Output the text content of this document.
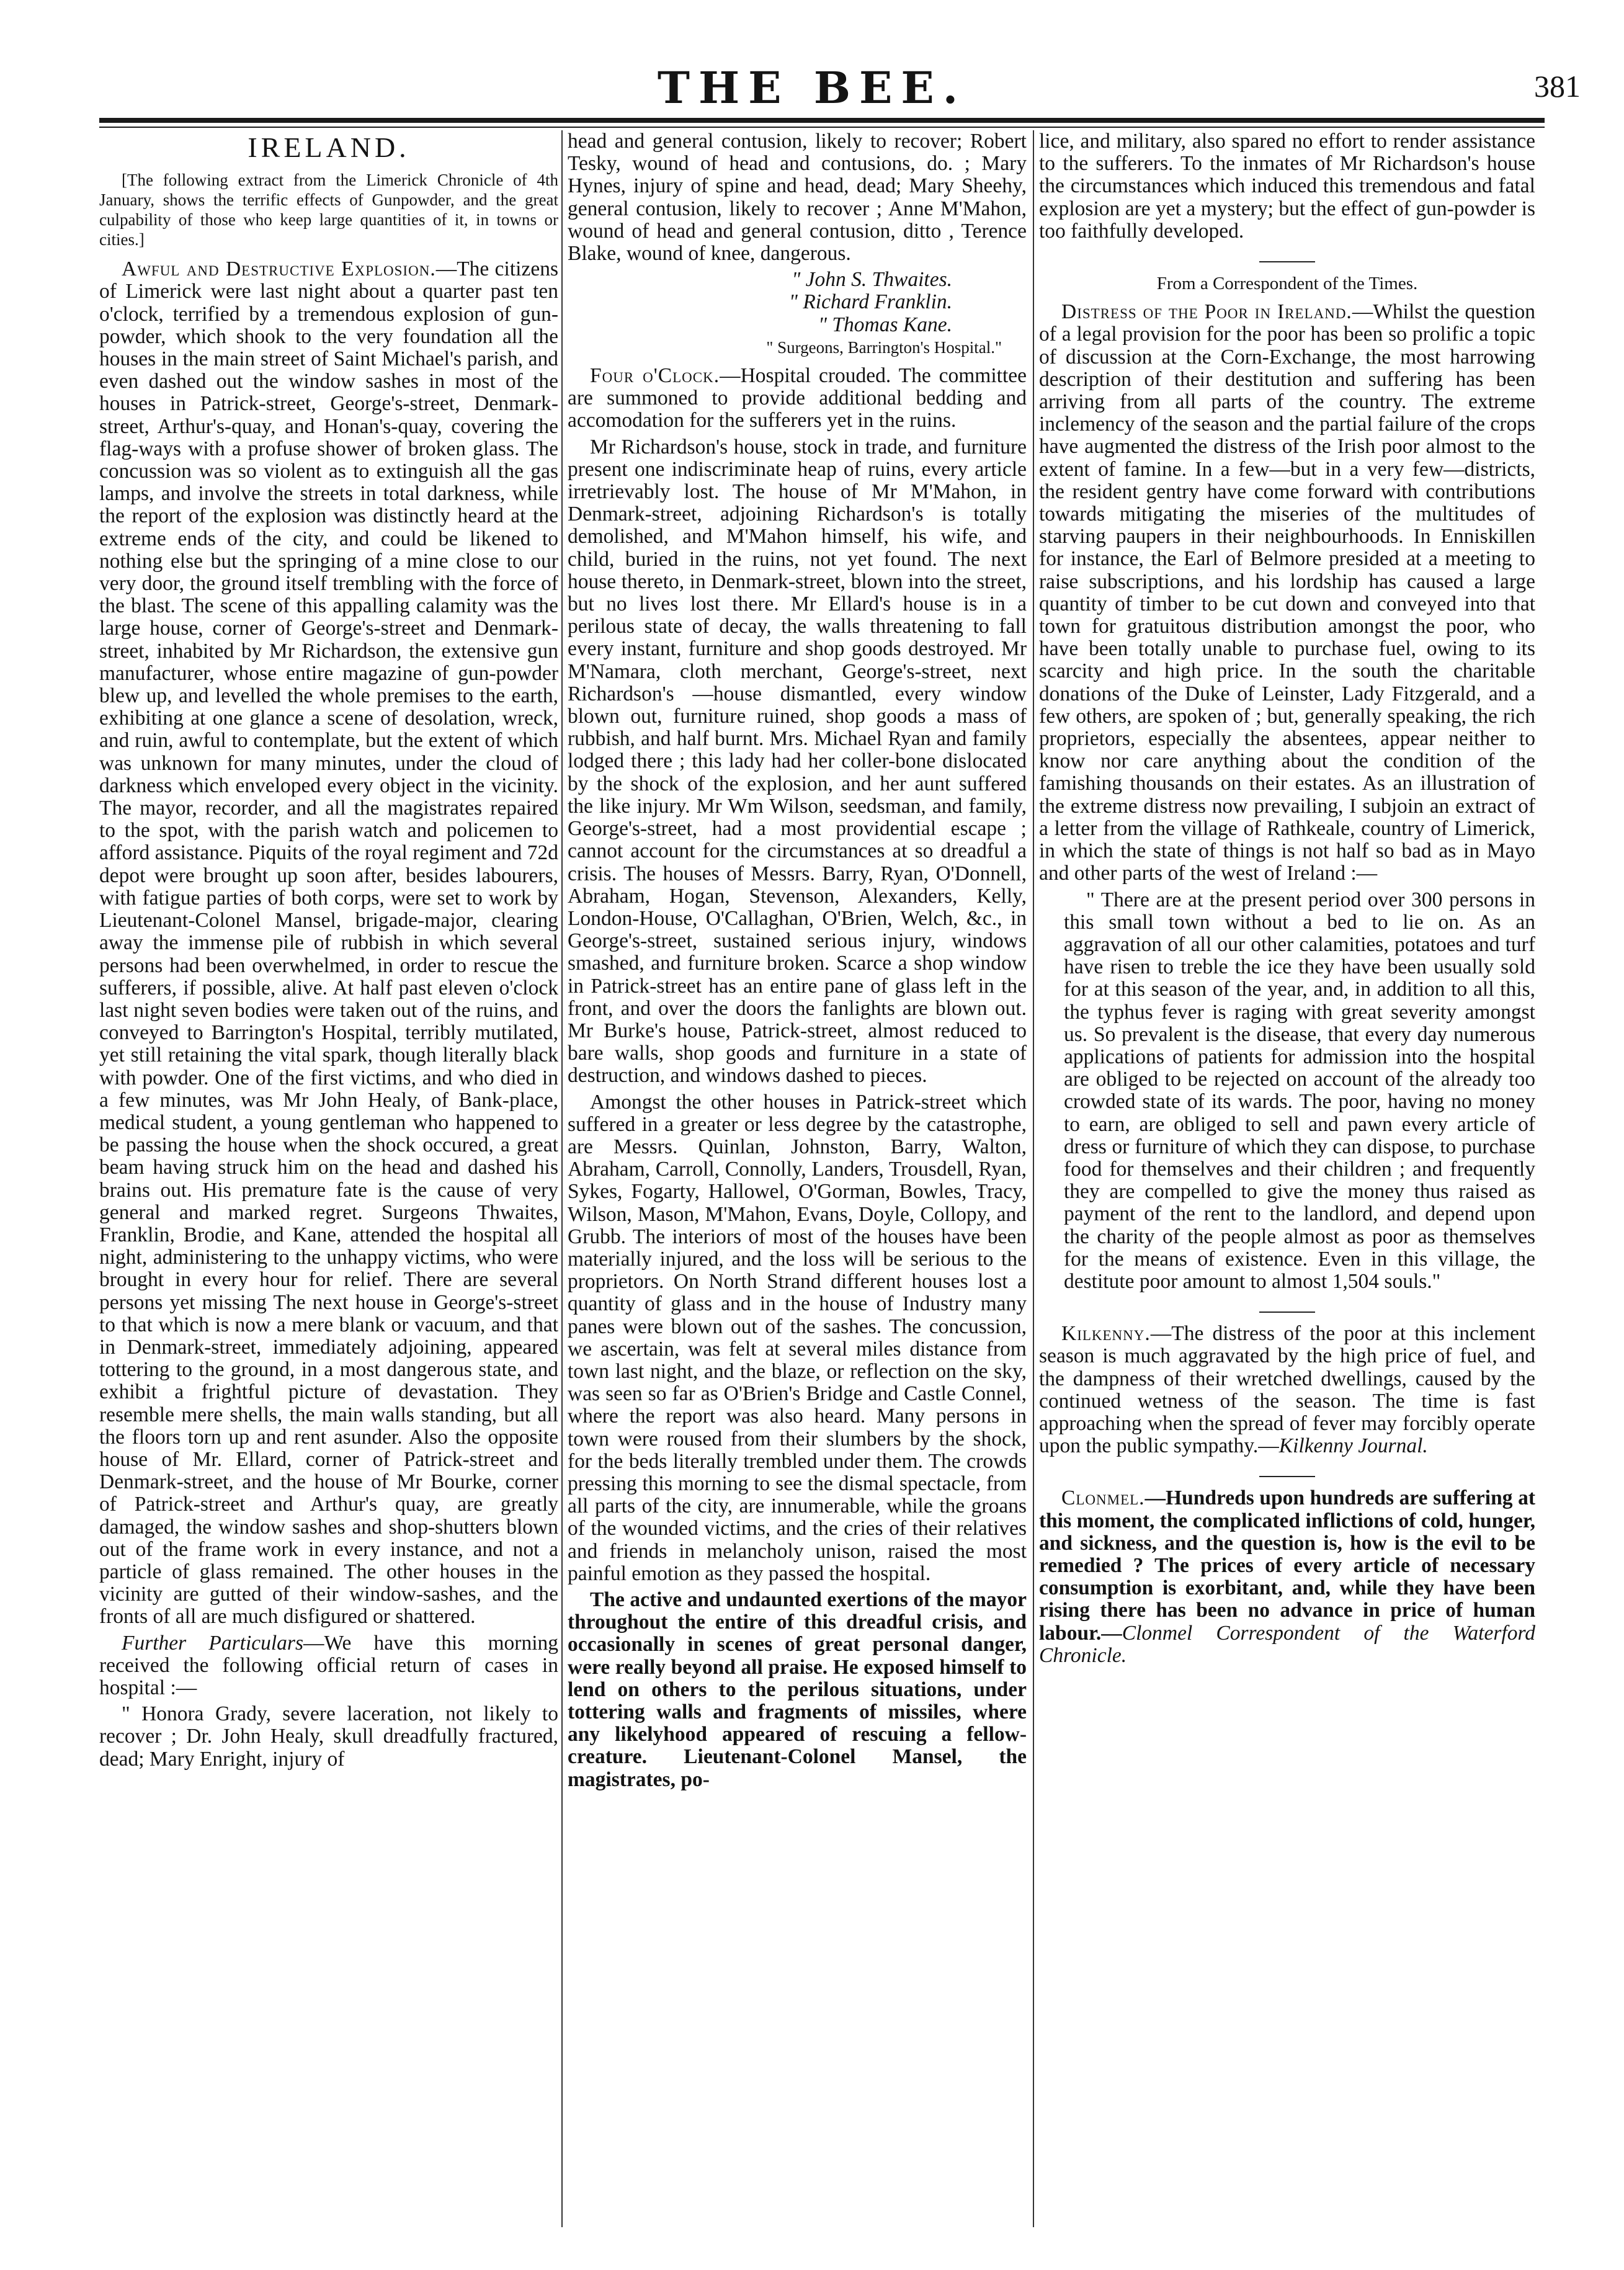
THE BEE.	381
IRELAND.

[The following extract from the Limerick Chronicle of 4th January, shows the terrific effects of Gunpowder, and the great culpability of those who keep large quantities of it, in towns or cities.]

Awful and Destructive Explosion.—The citizens of Limerick were last night about a quarter past ten o'clock, terrified by a tremendous explosion of gun-powder, which shook to the very foundation all the houses in the main street of Saint Michael's parish, and even dashed out the window sashes in most of the houses in Patrick-street, George's-street, Denmark-street, Arthur's-quay, and Honan's-quay, covering the flag-ways with a profuse shower of broken glass. The concussion was so violent as to extinguish all the gas lamps, and involve the streets in total darkness, while the report of the explosion was distinctly heard at the extreme ends of the city, and could be likened to nothing else but the springing of a mine close to our very door, the ground itself trembling with the force of the blast. The scene of this appalling calamity was the large house, corner of George's-street and Denmark-street, inhabited by Mr Richardson, the extensive gun manufacturer, whose entire magazine of gun-powder blew up, and levelled the whole premises to the earth, exhibiting at one glance a scene of desolation, wreck, and ruin, awful to contemplate, but the extent of which was unknown for many minutes, under the cloud of darkness which enveloped every object in the vicinity. The mayor, recorder, and all the magistrates repaired to the spot, with the parish watch and policemen to afford assistance. Piquits of the royal regiment and 72d depot were brought up soon after, besides labourers, with fatigue parties of both corps, were set to work by Lieutenant-Colonel Mansel, brigade-major, clearing away the immense pile of rubbish in which several persons had been overwhelmed, in order to rescue the sufferers, if possible, alive. At half past eleven o'clock last night seven bodies were taken out of the ruins, and conveyed to Barrington's Hospital, terribly mutilated, yet still retaining the vital spark, though literally black with powder. One of the first victims, and who died in a few minutes, was Mr John Healy, of Bank-place, medical student, a young gentleman who happened to be passing the house when the shock occured, a great beam having struck him on the head and dashed his brains out. His premature fate is the cause of very general and marked regret. Surgeons Thwaites, Franklin, Brodie, and Kane, attended the hospital all night, administering to the unhappy victims, who were brought in every hour for relief. There are several persons yet missing The next house in George's-street to that which is now a mere blank or vacuum, and that in Denmark-street, immediately adjoining, appeared tottering to the ground, in a most dangerous state, and exhibit a frightful picture of devastation. They resemble mere shells, the main walls standing, but all the floors torn up and rent asunder. Also the opposite house of Mr. Ellard, corner of Patrick-street and Denmark-street, and the house of Mr Bourke, corner of Patrick-street and Arthur's quay, are greatly damaged, the window sashes and shop-shutters blown out of the frame work in every instance, and not a particle of glass remained. The other houses in the vicinity are gutted of their window-sashes, and the fronts of all are much disfigured or shattered.

Further Particulars—We have this morning received the following official return of cases in hospital :—

" Honora Grady, severe laceration, not likely to recover ; Dr. John Healy, skull dreadfully fractured, dead; Mary Enright, injury of

head and general contusion, likely to recover; Robert Tesky, wound of head and contusions, do. ; Mary Hynes, injury of spine and head, dead; Mary Sheehy, general contusion, likely to recover ; Anne M'Mahon, wound of head and general contusion, ditto , Terence Blake, wound of knee, dangerous.

" John S. Thwaites.

" Richard Franklin.

" Thomas Kane.

" Surgeons, Barrington's Hospital."

Four o'Clock.—Hospital crouded. The committee are summoned to provide additional bedding and accomodation for the sufferers yet in the ruins.

Mr Richardson's house, stock in trade, and furniture present one indiscriminate heap of ruins, every article irretrievably lost. The house of Mr M'Mahon, in Denmark-street, adjoining Richardson's is totally demolished, and M'Mahon himself, his wife, and child, buried in the ruins, not yet found. The next house thereto, in Denmark-street, blown into the street, but no lives lost there. Mr Ellard's house is in a perilous state of decay, the walls threatening to fall every instant, furniture and shop goods destroyed. Mr M'Namara, cloth merchant, George's-street, next Richardson's —house dismantled, every window blown out, furniture ruined, shop goods a mass of rubbish, and half burnt. Mrs. Michael Ryan and family lodged there ; this lady had her coller-bone dislocated by the shock of the explosion, and her aunt suffered the like injury. Mr Wm Wilson, seedsman, and family, George's-street, had a most providential escape ; cannot account for the circumstances at so dreadful a crisis. The houses of Messrs. Barry, Ryan, O'Donnell, Abraham, Hogan, Stevenson, Alexanders, Kelly, London-House, O'Callaghan, O'Brien, Welch, &c., in George's-street, sustained serious injury, windows smashed, and furniture broken. Scarce a shop window in Patrick-street has an entire pane of glass left in the front, and over the doors the fanlights are blown out. Mr Burke's house, Patrick-street, almost reduced to bare walls, shop goods and furniture in a state of destruction, and windows dashed to pieces.

Amongst the other houses in Patrick-street which suffered in a greater or less degree by the catastrophe, are Messrs. Quinlan, Johnston, Barry, Walton, Abraham, Carroll, Connolly, Landers, Trousdell, Ryan, Sykes, Fogarty, Hallowel, O'Gorman, Bowles, Tracy, Wilson, Mason, M'Mahon, Evans, Doyle, Collopy, and Grubb. The interiors of most of the houses have been materially injured, and the loss will be serious to the proprietors. On North Strand different houses lost a quantity of glass and in the house of Industry many panes were blown out of the sashes. The concussion, we ascertain, was felt at several miles distance from town last night, and the blaze, or reflection on the sky, was seen so far as O'Brien's Bridge and Castle Connel, where the report was also heard. Many persons in town were roused from their slumbers by the shock, for the beds literally trembled under them. The crowds pressing this morning to see the dismal spectacle, from all parts of the city, are innumerable, while the groans of the wounded victims, and the cries of their relatives and friends in melancholy unison, raised the most painful emotion as they passed the hospital.

The active and undaunted exertions of the mayor throughout the entire of this dreadful crisis, and occasionally in scenes of great personal danger, were really beyond all praise. He exposed himself to lend on others to the perilous situations, under tottering walls and fragments of missiles, where any likelyhood appeared of rescuing a fellow-creature. Lieutenant-Colonel Mansel, the magistrates, po-

lice, and military, also spared no effort to render assistance to the sufferers. To the inmates of Mr Richardson's house the circumstances which induced this tremendous and fatal explosion are yet a mystery; but the effect of gun-powder is too faithfully developed.

From a Correspondent of the Times.

Distress of the Poor in Ireland.—Whilst the question of a legal provision for the poor has been so prolific a topic of discussion at the Corn-Exchange, the most harrowing description of their destitution and suffering has been arriving from all parts of the country. The extreme inclemency of the season and the partial failure of the crops have augmented the distress of the Irish poor almost to the extent of famine. In a few—but in a very few—districts, the resident gentry have come forward with contributions towards mitigating the miseries of the multitudes of starving paupers in their neighbourhoods. In Enniskillen for instance, the Earl of Belmore presided at a meeting to raise subscriptions, and his lordship has caused a large quantity of timber to be cut down and conveyed into that town for gratuitous distribution amongst the poor, who have been totally unable to purchase fuel, owing to its scarcity and high price. In the south the charitable donations of the Duke of Leinster, Lady Fitzgerald, and a few others, are spoken of ; but, generally speaking, the rich proprietors, especially the absentees, appear neither to know nor care anything about the condition of the famishing thousands on their estates. As an illustration of the extreme distress now prevailing, I subjoin an extract of a letter from the village of Rathkeale, country of Limerick, in which the state of things is not half so bad as in Mayo and other parts of the west of Ireland :—

" There are at the present period over 300 persons in this small town without a bed to lie on. As an aggravation of all our other calamities, potatoes and turf have risen to treble the ice they have been usually sold for at this season of the year, and, in addition to all this, the typhus fever is raging with great severity amongst us. So prevalent is the disease, that every day numerous applications of patients for admission into the hospital are obliged to be rejected on account of the already too crowded state of its wards. The poor, having no money to earn, are obliged to sell and pawn every article of dress or furniture of which they can dispose, to purchase food for themselves and their children ; and frequently they are compelled to give the money thus raised as payment of the rent to the landlord, and depend upon the charity of the people almost as poor as themselves for the means of existence. Even in this village, the destitute poor amount to almost 1,504 souls."

Kilkenny.—The distress of the poor at this inclement season is much aggravated by the high price of fuel, and the dampness of their wretched dwellings, caused by the continued wetness of the season. The time is fast approaching when the spread of fever may forcibly operate upon the public sympathy.—Kilkenny Journal.

Clonmel.—Hundreds upon hundreds are suffering at this moment, the complicated inflictions of cold, hunger, and sickness, and the question is, how is the evil to be remedied ? The prices of every article of necessary consumption is exorbitant, and, while they have been rising there has been no advance in price of human labour.—Clonmel Correspondent of the Waterford Chronicle.
